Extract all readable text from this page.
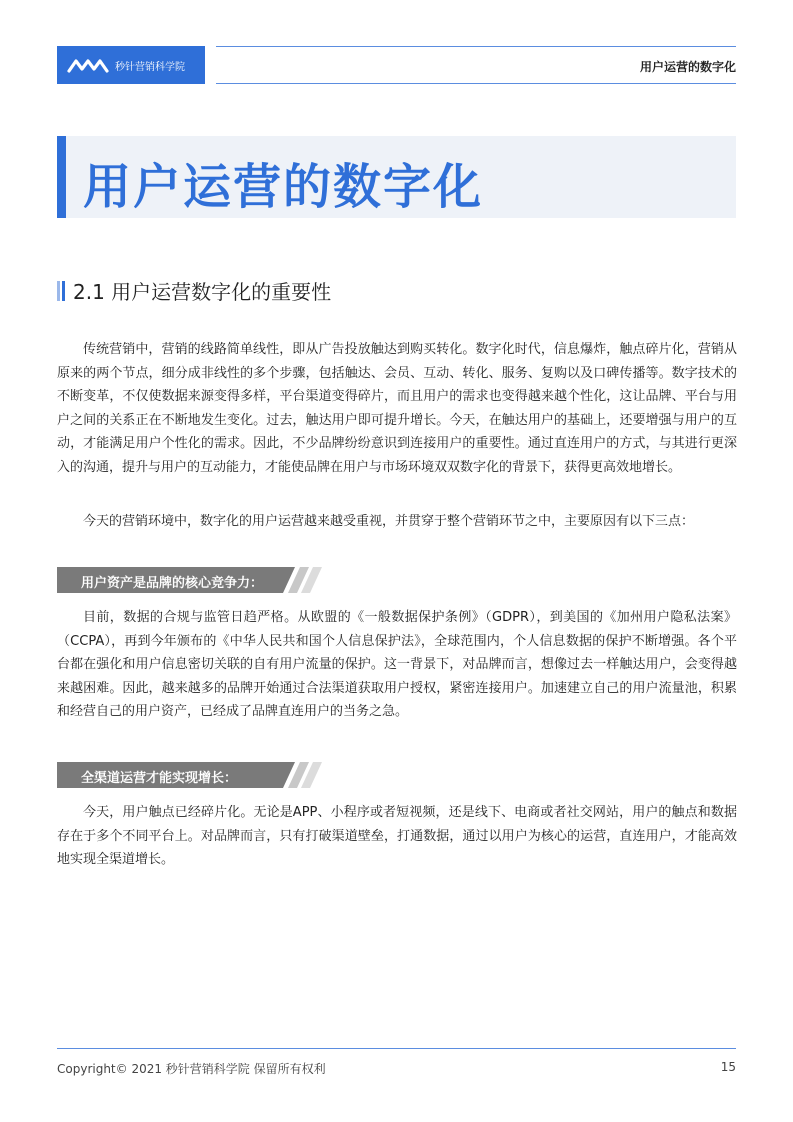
秒针营销科学院	用户运营的数字化
用户运营的数字化
2.1 用户运营数字化的重要性

传统营销中，营销的线路简单线性，即从广告投放触达到购买转化。数字化时代，信息爆炸，触点碎片化，营销从原来的两个节点，细分成非线性的多个步骤，包括触达、会员、互动、转化、服务、复购以及口碑传播等。数字技术的不断变革，不仅使数据来源变得多样，平台渠道变得碎片，而且用户的需求也变得越来越个性化，这让品牌、平台与用户之间的关系正在不断地发生变化。过去，触达用户即可提升增长。今天，在触达用户的基础上，还要增强与用户的互动，才能满足用户个性化的需求。因此，不少品牌纷纷意识到连接用户的重要性。通过直连用户的方式，与其进行更深入的沟通，提升与用户的互动能力，才能使品牌在用户与市场环境双双数字化的背景下，获得更高效地增长。

今天的营销环境中，数字化的用户运营越来越受重视，并贯穿于整个营销环节之中，主要原因有以下三点：

用户资产是品牌的核心竞争力：

目前，数据的合规与监管日趋严格。从欧盟的《一般数据保护条例》（GDPR），到美国的《加州用户隐私法案》（CCPA），再到今年颁布的《中华人民共和国个人信息保护法》，全球范围内，个人信息数据的保护不断增强。各个平台都在强化和用户信息密切关联的自有用户流量的保护。这一背景下，对品牌而言，想像过去一样触达用户，会变得越来越困难。因此，越来越多的品牌开始通过合法渠道获取用户授权，紧密连接用户。加速建立自己的用户流量池，积累和经营自己的用户资产，已经成了品牌直连用户的当务之急。

全渠道运营才能实现增长：

今天，用户触点已经碎片化。无论是APP、小程序或者短视频，还是线下、电商或者社交网站，用户的触点和数据存在于多个不同平台上。对品牌而言，只有打破渠道壁垒，打通数据，通过以用户为核心的运营，直连用户，才能高效地实现全渠道增长。

Copyright© 2021 秒针营销科学院 保留所有权利	15
